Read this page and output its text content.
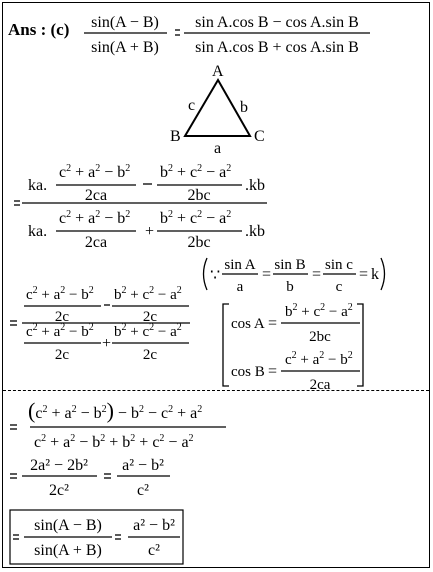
Ans : (c) sin(A − B)
sin(A + B)
sin A.cos B − cos A.sin B
sin A.cos B + cos A.sin B
A
B	C
a
b
c
ka.	.kb
ka.	.kb
$c^2 + a^2 - b^2$ $b^2 + c^2 - a^2$
2ca	2bc
$c^2 + a^2 - b^2$
+
$b^2 + c^2 - a^2$
2ca	2bc
∵
sin A
a
=
sin B
b
=
sin c
c
= k
$c^2 + a^2 - b^2$ $b^2 + c^2 - a^2$
2c	2c
$c^2 + a^2 - b^2$
+
$b^2 + c^2 - a^2$
2c	2c
cos A =
$b^2 + c^2 - a^2$
2bc
cos B =
$c^2 + a^2 - b^2$
2ca
$(c^2 + a^2 - b^2) - b^2 - c^2 + a^2$
$c^2 + a^2 - b^2 + b^2 + c^2 - a^2$
2a² − 2b²
2c²
a² − b²
c²
sin(A − B)
sin(A + B)
a² − b²
c²
